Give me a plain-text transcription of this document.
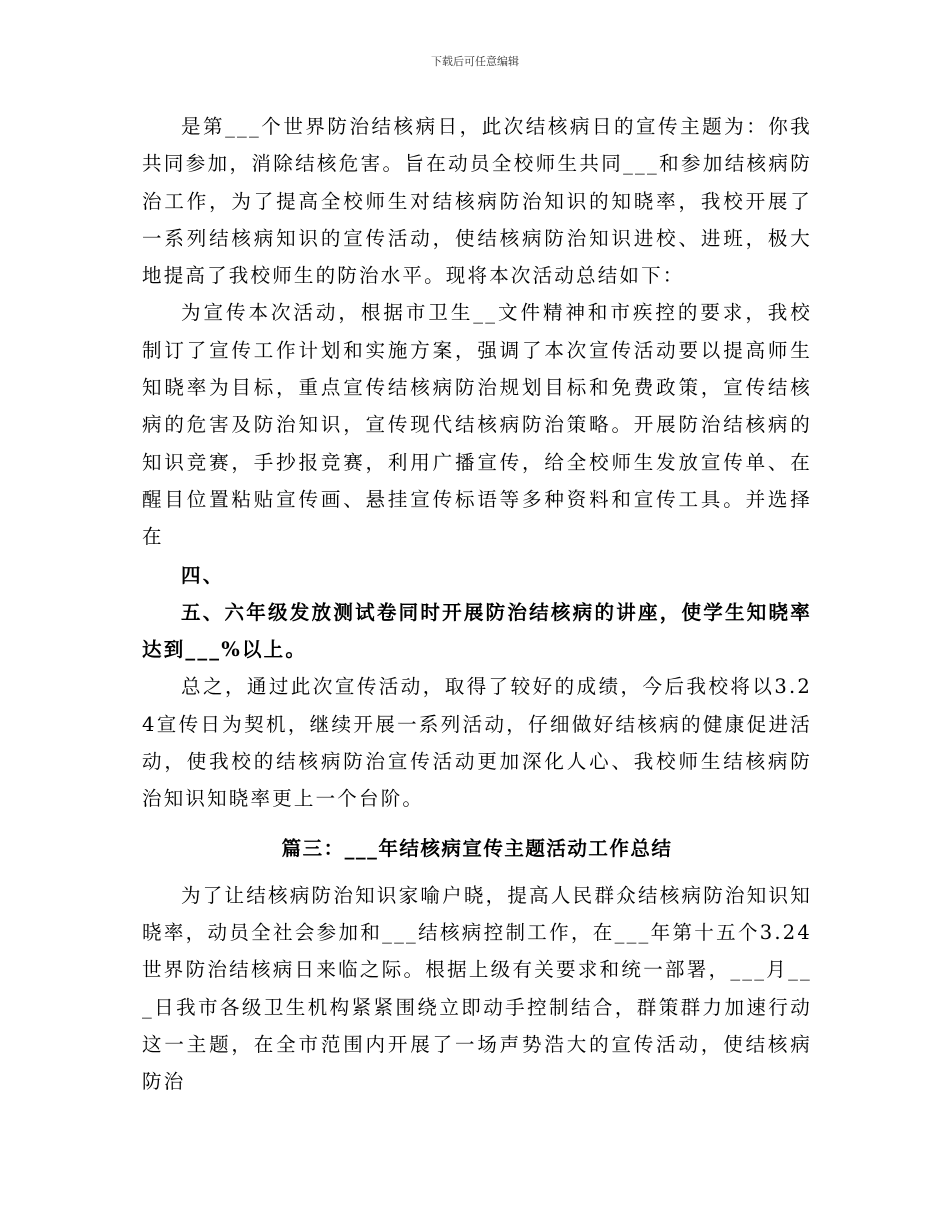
下载后可任意编辑

是第___个世界防治结核病日，此次结核病日的宣传主题为：你我共同参加，消除结核危害。旨在动员全校师生共同___和参加结核病防治工作，为了提高全校师生对结核病防治知识的知晓率，我校开展了一系列结核病知识的宣传活动，使结核病防治知识进校、进班，极大地提高了我校师生的防治水平。现将本次活动总结如下：

为宣传本次活动，根据市卫生__文件精神和市疾控的要求，我校制订了宣传工作计划和实施方案，强调了本次宣传活动要以提高师生知晓率为目标，重点宣传结核病防治规划目标和免费政策，宣传结核病的危害及防治知识，宣传现代结核病防治策略。开展防治结核病的知识竞赛，手抄报竞赛，利用广播宣传，给全校师生发放宣传单、在醒目位置粘贴宣传画、悬挂宣传标语等多种资料和宣传工具。并选择在

四、

五、六年级发放测试卷同时开展防治结核病的讲座，使学生知晓率达到___%以上。

总之，通过此次宣传活动，取得了较好的成绩，今后我校将以3.24宣传日为契机，继续开展一系列活动，仔细做好结核病的健康促进活动，使我校的结核病防治宣传活动更加深化人心、我校师生结核病防治知识知晓率更上一个台阶。

篇三：___年结核病宣传主题活动工作总结

为了让结核病防治知识家喻户晓，提高人民群众结核病防治知识知晓率，动员全社会参加和___结核病控制工作，在___年第十五个3.24世界防治结核病日来临之际。根据上级有关要求和统一部署，___月___日我市各级卫生机构紧紧围绕立即动手控制结合，群策群力加速行动这一主题，在全市范围内开展了一场声势浩大的宣传活动，使结核病防治
